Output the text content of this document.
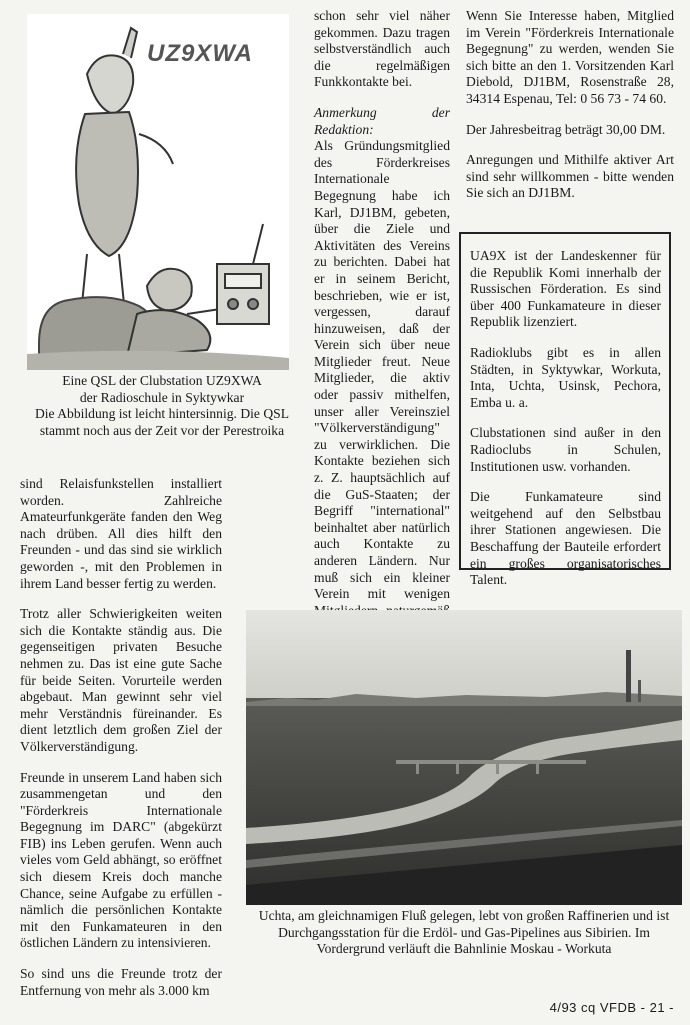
UZ9XWA
Eine QSL der Clubstation UZ9XWA
der Radioschule in Syktywkar
Die Abbildung ist leicht hintersinnig. Die QSL
stammt noch aus der Zeit vor der Perestroika

sind Relaisfunkstellen installiert worden. Zahlreiche Amateurfunkgeräte fanden den Weg nach drüben. All dies hilft den Freunden - und das sind sie wirklich geworden -, mit den Problemen in ihrem Land besser fertig zu werden.

Trotz aller Schwierigkeiten weiten sich die Kontakte ständig aus. Die gegenseitigen privaten Besuche nehmen zu. Das ist eine gute Sache für beide Seiten. Vorurteile werden abgebaut. Man gewinnt sehr viel mehr Verständnis füreinander. Es dient letztlich dem großen Ziel der Völkerverständigung.

Freunde in unserem Land haben sich zusammengetan und den "Förderkreis Internationale Begegnung im DARC" (abgekürzt FIB) ins Leben gerufen. Wenn auch vieles vom Geld abhängt, so eröffnet sich diesem Kreis doch manche Chance, seine Aufgabe zu erfüllen - nämlich die persönlichen Kontakte mit den Funkamateuren in den östlichen Ländern zu intensivieren.

So sind uns die Freunde trotz der Entfernung von mehr als 3.000 km

schon sehr viel näher gekommen. Dazu tragen selbstverständlich auch die regelmäßigen Funkkontakte bei.

Anmerkung der Redaktion:

Als Gründungsmitglied des Förderkreises Internationale Begegnung habe ich Karl, DJ1BM, gebeten, über die Ziele und Aktivitäten des Vereins zu berichten. Dabei hat er in seinem Bericht, beschrieben, wie er ist, vergessen, darauf hinzuweisen, daß der Verein sich über neue Mitglieder freut. Neue Mitglieder, die aktiv oder passiv mithelfen, unser aller Vereinsziel "Völkerverständigung" zu verwirklichen. Die Kontakte beziehen sich z. Z. hauptsächlich auf die GuS-Staaten; der Begriff "international" beinhaltet aber natürlich auch Kontakte zu anderen Ländern. Nur muß sich ein kleiner Verein mit wenigen

Wenn Sie Interesse haben, Mitglied im Verein "Förderkreis Internationale Begegnung" zu werden, wenden Sie sich bitte an den 1. Vorsitzenden Karl Diebold, DJ1BM, Rosenstraße 28, 34314 Espenau, Tel: 0 56 73 - 74 60.

Der Jahresbeitrag beträgt 30,00 DM.

Anregungen und Mithilfe aktiver Art sind sehr willkommen - bitte wenden Sie sich an DJ1BM.

UA9X ist der Landeskenner für die Republik Komi innerhalb der Russischen Förderation. Es sind über 400 Funkamateure in dieser Republik lizenziert.

Radioklubs gibt es in allen Städten, in Syktywkar, Workuta, Inta, Uchta, Usinsk, Pechora, Emba u. a.

Clubstationen sind außer in den Radioclubs in Schulen, Institutionen usw. vorhanden.

Die Funkamateure sind weitgehend auf den Selbstbau ihrer Stationen angewiesen. Die Beschaffung der Bauteile erfordert ein großes organisatorisches Talent.

Uchta, am gleichnamigen Fluß gelegen, lebt von großen Raffinerien und ist
Durchgangsstation für die Erdöl- und Gas-Pipelines aus Sibirien. Im
Vordergrund verläuft die Bahnlinie Moskau - Workuta
4/93 cq VFDB - 21 -
